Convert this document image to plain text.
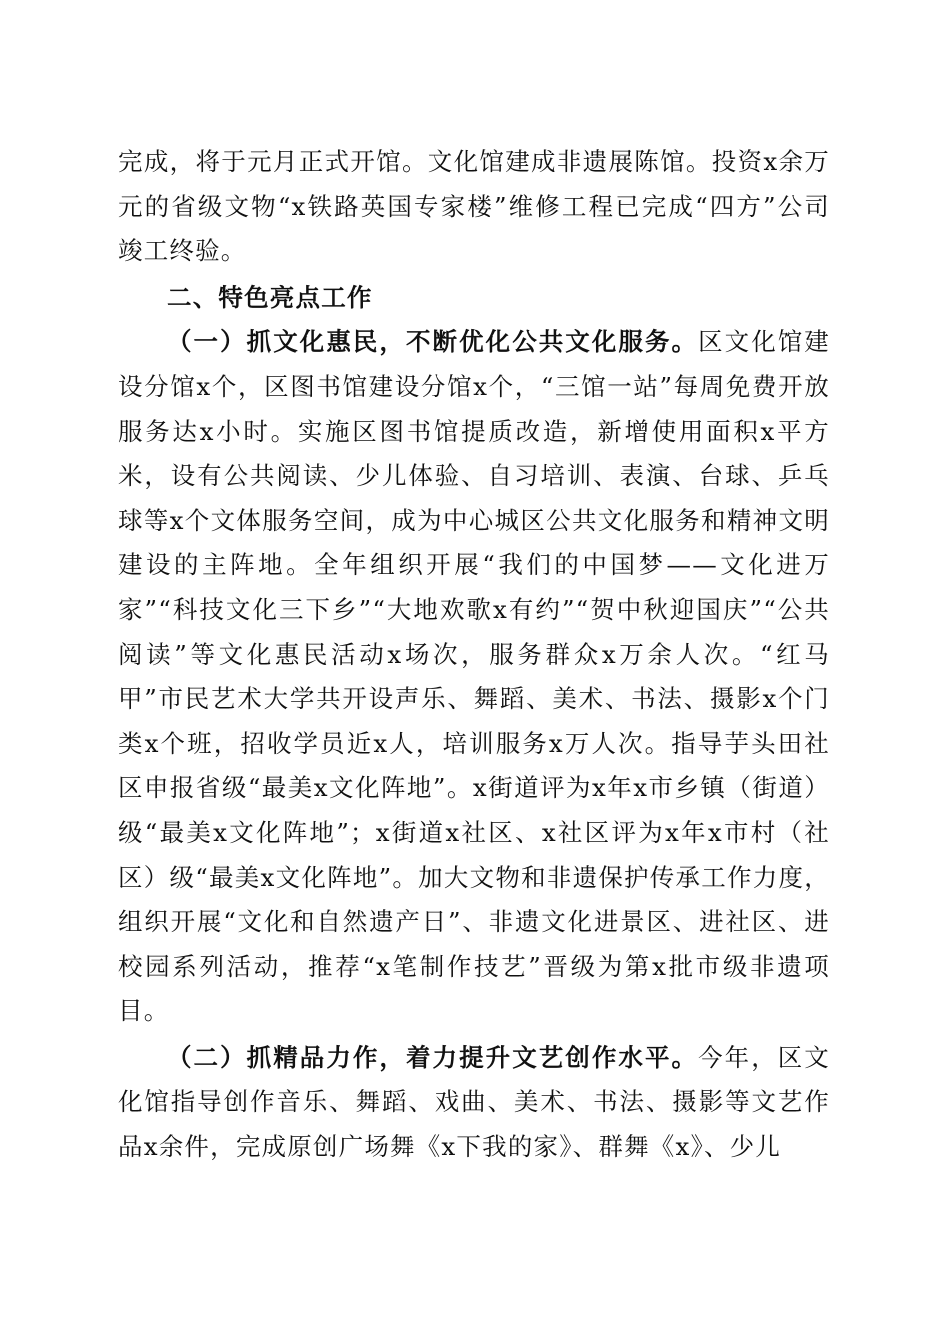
完成，将于元月正式开馆。文化馆建成非遗展陈馆。投资x余万元的省级文物“x铁路英国专家楼”维修工程已完成“四方”公司竣工终验。

二、特色亮点工作

（一）抓文化惠民，不断优化公共文化服务。区文化馆建设分馆x个，区图书馆建设分馆x个，“三馆一站”每周免费开放服务达x小时。实施区图书馆提质改造，新增使用面积x平方米，设有公共阅读、少儿体验、自习培训、表演、台球、乒乓球等x个文体服务空间，成为中心城区公共文化服务和精神文明建设的主阵地。全年组织开展“我们的中国梦——文化进万家”“科技文化三下乡”“大地欢歌x有约”“贺中秋迎国庆”“公共阅读”等文化惠民活动x场次，服务群众x万余人次。“红马甲”市民艺术大学共开设声乐、舞蹈、美术、书法、摄影x个门类x个班，招收学员近x人，培训服务x万人次。指导芋头田社区申报省级“最美x文化阵地”。x街道评为x年x市乡镇（街道）级“最美x文化阵地”；x街道x社区、x社区评为x年x市村（社区）级“最美x文化阵地”。加大文物和非遗保护传承工作力度，组织开展“文化和自然遗产日”、非遗文化进景区、进社区、进校园系列活动，推荐“x笔制作技艺”晋级为第x批市级非遗项目。

（二）抓精品力作，着力提升文艺创作水平。今年，区文化馆指导创作音乐、舞蹈、戏曲、美术、书法、摄影等文艺作品x余件，完成原创广场舞《x下我的家》、群舞《x》、少儿
